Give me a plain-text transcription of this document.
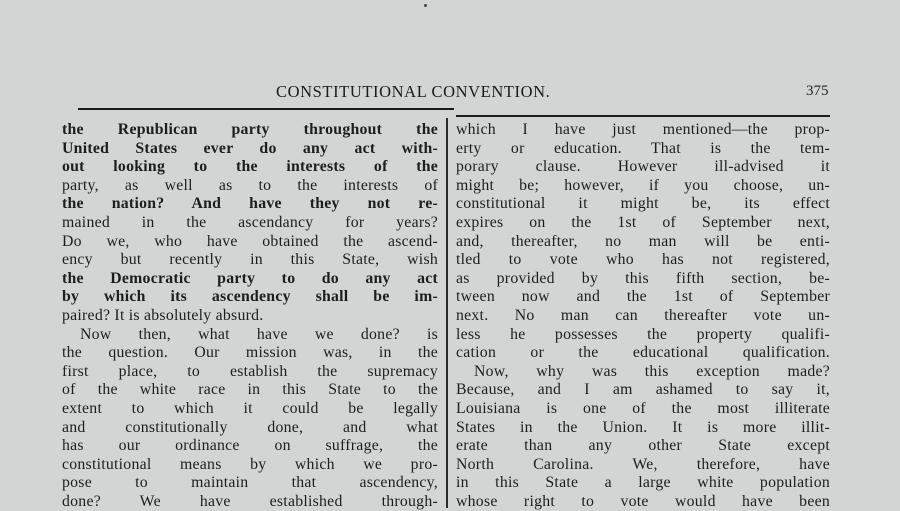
CONSTITUTIONAL CONVENTION.	375
the Republican party throughout the
United States ever do any act with-
out looking to the interests of the
party, as well as to the interests of
the nation? And have they not re-
mained in the ascendancy for years?
Do we, who have obtained the ascend-
ency but recently in this State, wish
the Democratic party to do any act
by which its ascendency shall be im-
paired? It is absolutely absurd.
Now then, what have we done? is
the question. Our mission was, in the
first place, to establish the supremacy
of the white race in this State to the
extent to which it could be legally
and constitutionally done, and what
has our ordinance on suffrage, the
constitutional means by which we pro-
pose to maintain that ascendency,
done? We have established through-
which I have just mentioned—the prop-
erty or education. That is the tem-
porary clause. However ill-advised it
might be; however, if you choose, un-
constitutional it might be, its effect
expires on the 1st of September next,
and, thereafter, no man will be enti-
tled to vote who has not registered,
as provided by this fifth section, be-
tween now and the 1st of September
next. No man can thereafter vote un-
less he possesses the property qualifi-
cation or the educational qualification.
Now, why was this exception made?
Because, and I am ashamed to say it,
Louisiana is one of the most illiterate
States in the Union. It is more illit-
erate than any other State except
North Carolina. We, therefore, have
in this State a large white population
whose right to vote would have been
